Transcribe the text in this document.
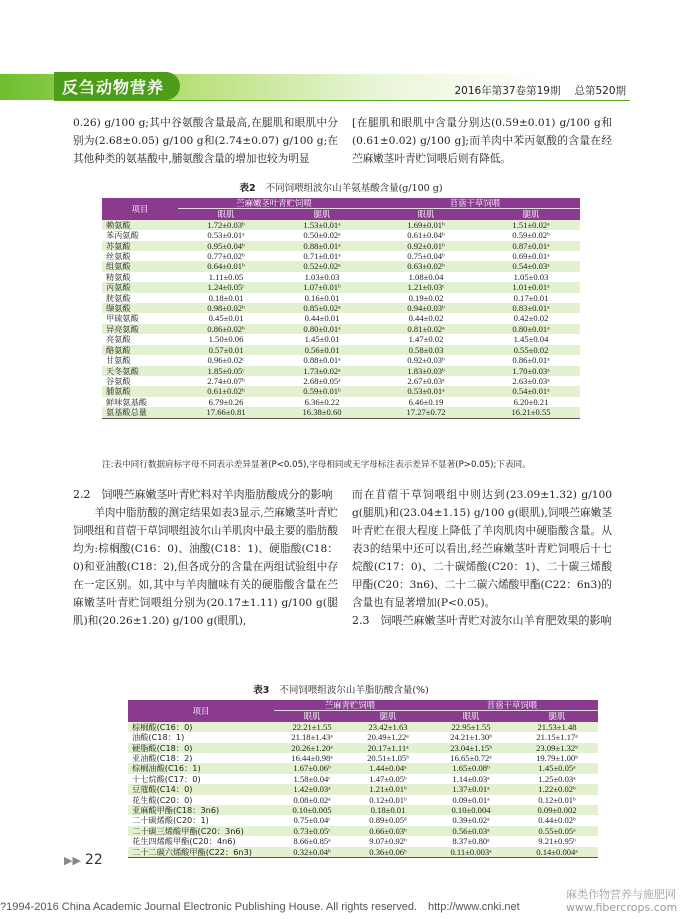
反刍动物营养	2016年第37卷第19期 总第520期

0.26) g/100 g;其中谷氨酸含量最高,在腿肌和眼肌中分别为(2.68±0.05) g/100 g和(2.74±0.07) g/100 g;在其他种类的氨基酸中,脯氨酸含量的增加也较为明显

[在腿肌和眼肌中含量分别达(0.59±0.01) g/100 g和(0.61±0.02) g/100 g];而羊肉中苯丙氨酸的含量在经苎麻嫩茎叶青贮饲喂后则有降低。

表2 不同饲喂组波尔山羊氨基酸含量(g/100 g)
项目	苎麻嫩茎叶青贮饲喂		苜蓿干草饲喂	
	眼肌	腿肌	眼肌	腿肌
赖氨酸	1.72±0.03ᵇ	1.53±0.01ᵃ	1.69±0.01ᵇ	1.51±0.02ᵃ
苯丙氨酸	0.53±0.01ᵃ	0.50±0.02ᵃ	0.61±0.04ᵇ	0.59±0.02ᵇ
苏氨酸	0.95±0.04ᵇ	0.88±0.01ᵃ	0.92±0.01ᵇ	0.87±0.01ᵃ
丝氨酸	0.77±0.02ᵇ	0.71±0.01ᵃ	0.75±0.04ᵇ	0.69±0.01ᵃ
组氨酸	0.64±0.01ᵇ	0.52±0.02ᵃ	0.63±0.02ᵇ	0.54±0.03ᵃ
精氨酸	1.11±0.05	1.03±0.03	1.08±0.04	1.05±0.03
丙氨酸	1.24±0.05ᶜ	1.07±0.01ᵇ	1.21±0.03ᶜ	1.01±0.01ᵃ
胱氨酸	0.18±0.01	0.16±0.01	0.19±0.02	0.17±0.01
缬氨酸	0.98±0.02ᵇ	0.85±0.02ᵃ	0.94±0.03ᵇ	0.83±0.01ᵃ
甲硫氨酸	0.45±0.01	0.44±0.01	0.44±0.02	0.42±0.02
异亮氨酸	0.86±0.02ᵇ	0.80±0.01ᵃ	0.81±0.02ᵃ	0.80±0.01ᵃ
亮氨酸	1.50±0.06	1.45±0.01	1.47±0.02	1.45±0.04
酪氨酸	0.57±0.01	0.56±0.01	0.58±0.03	0.55±0.02
甘氨酸	0.96±0.02ᶜ	0.88±0.01ᵃ	0.92±0.03ᵇ	0.86±0.01ᵃ
天冬氨酸	1.85±0.05ᶜ	1.73±0.02ᵃ	1.83±0.03ᵇ	1.70±0.03ᵃ
谷氨酸	2.74±0.07ᵇ	2.68±0.05ᵃ	2.67±0.03ᵃ	2.63±0.03ᵃ
脯氨酸	0.61±0.02ᵇ	0.59±0.01ᵇ	0.53±0.01ᵃ	0.54±0.01ᵃ
鲜味氨基酸	6.79±0.26	6.36±0.22	6.46±0.19	6.20±0.21
氨基酸总量	17.66±0.81	16.38±0.60	17.27±0.72	16.21±0.55
注:表中同行数据肩标字母不同表示差异显著(P<0.05),字母相同或无字母标注表示差异不显著(P>0.05);下表同。

2.2　饲喂苎麻嫩茎叶青贮料对羊肉脂肪酸成分的影响

羊肉中脂肪酸的测定结果如表3显示,苎麻嫩茎叶青贮饲喂组和苜蓿干草饲喂组波尔山羊肌肉中最主要的脂肪酸均为:棕榈酸(C16：0)、油酸(C18：1)、硬脂酸(C18：0)和亚油酸(C18：2),但各成分的含量在两组试验组中存在一定区别。如,其中与羊肉膻味有关的硬脂酸含量在苎麻嫩茎叶青贮饲喂组分别为(20.17±1.11) g/100 g(腿肌)和(20.26±1.20) g/100 g(眼肌),

而在苜蓿干草饲喂组中则达到(23.09±1.32) g/100 g(腿肌)和(23.04±1.15) g/100 g(眼肌),饲喂苎麻嫩茎叶青贮在很大程度上降低了羊肉肌肉中硬脂酸含量。从表3的结果中还可以看出,经苎麻嫩茎叶青贮饲喂后十七烷酸(C17：0)、二十碳烯酸(C20：1)、二十碳三烯酸甲酯(C20：3n6)、二十二碳六烯酸甲酯(C22：6n3)的含量也有显著增加(P<0.05)。

2.3　饲喂苎麻嫩茎叶青贮对波尔山羊育肥效果的影响

表3 不同饲喂组波尔山羊脂肪酸含量(%)
项目	苎麻青贮饲喂		苜蓿干草饲喂	
	眼肌	腿肌	眼肌	腿肌
棕榈酸(C16：0)	22.21±1.55	23.42±1.63	22.95±1.55	21.53±1.48
油酸(C18：1)	21.18±1.43ᵃ	20.49±1.22ᵃ	24.21±1.30ᵇ	21.15±1.17ᵃ
硬脂酸(C18：0)	20.26±1.20ᵃ	20.17±1.11ᵃ	23.04±1.15ᵇ	23.09±1.32ᵇ
亚油酸(C18：2)	16.44±0.98ᵃ	20.51±1.05ᵇ	16.65±0.72ᵃ	19.79±1.00ᵇ
棕榈油酸(C16：1)	1.67±0.06ᵇ	1.44±0.04ᵃ	1.65±0.08ᵇ	1.45±0.05ᵃ
十七烷酸(C17：0)	1.58±0.04ᶜ	1.47±0.05ᵇ	1.14±0.03ᵃ	1.25±0.03ᵃ
豆蔻酸(C14：0)	1.42±0.03ᵃ	1.21±0.01ᵇ	1.37±0.01ᵃ	1.22±0.02ᵇ
花生酸(C20：0)	0.08±0.02ᵃ	0.12±0.01ᵇ	0.09±0.01ᵃ	0.12±0.01ᵇ
亚麻酸甲酯(C18：3n6)	0.10±0.005	0.18±0.01	0.10±0.004	0.09±0.002
二十碳烯酸(C20：1)	0.75±0.04ᶜ	0.89±0.05ᵈ	0.39±0.02ᵃ	0.44±0.02ᵇ
二十碳三烯酸甲酯(C20：3n6)	0.73±0.05ᶜ	0.66±0.03ᵇ	0.56±0.03ᵃ	0.55±0.05ᵃ
花生四烯酸甲酯(C20：4n6)	8.66±0.85ᵃ	9.07±0.92ᵇ	8.37±0.80ᵃ	9.21±0.95ᵇ
二十二碳六烯酸甲酯(C22：6n3)	0.32±0.04ᵇ	0.36±0.06ᵇ	0.11±0.003ᵃ	0.14±0.004ᵃ
▶▶ 22
?1994-2016 China Academic Journal Electronic Publishing House. All rights reserved.　http://www.cnki.net
麻类作物营养与施肥网
www.fibercrops.com
